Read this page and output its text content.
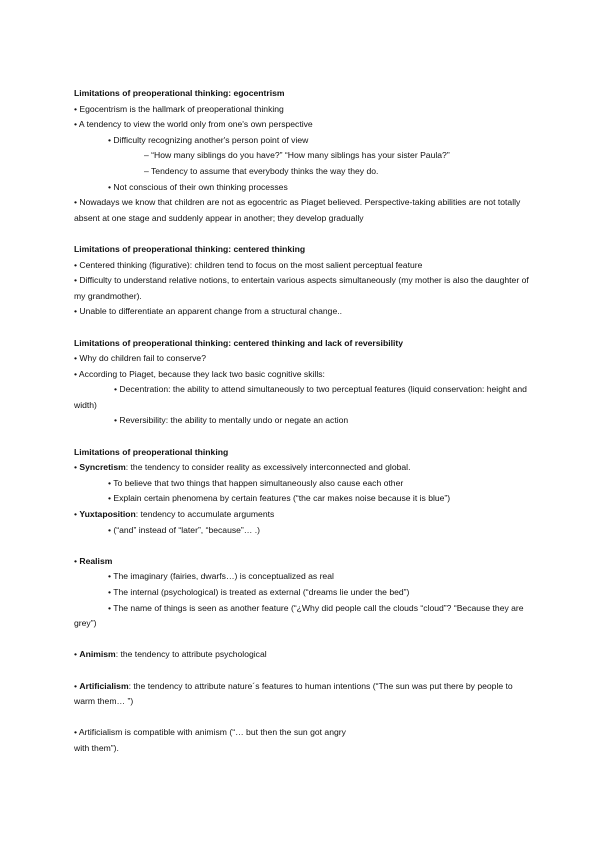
Limitations of preoperational thinking: egocentrism
• Egocentrism is the hallmark of preoperational thinking
• A tendency to view the world only from one's own perspective
• Difficulty recognizing another's person point of view
– “How many siblings do you have?” “How many siblings has your sister Paula?”
– Tendency to assume that everybody thinks the way they do.
• Not conscious of their own thinking processes
• Nowadays we know that children are not as egocentric as Piaget believed. Perspective-taking abilities are not totally absent at one stage and suddenly appear in another; they develop gradually
Limitations of preoperational thinking: centered thinking
• Centered thinking (figurative): children tend to focus on the most salient perceptual feature
• Difficulty to understand relative notions, to entertain various aspects simultaneously (my mother is also the daughter of my grandmother).
• Unable to differentiate an apparent change from a structural change..
Limitations of preoperational thinking: centered thinking and lack of reversibility
• Why do children fail to conserve?
• According to Piaget, because they lack two basic cognitive skills:
• Decentration: the ability to attend simultaneously to two perceptual features (liquid conservation: height and width)
• Reversibility: the ability to mentally undo or negate an action
Limitations of preoperational thinking
• Syncretism: the tendency to consider reality as excessively interconnected and global.
• To believe that two things that happen simultaneously also cause each other
• Explain certain phenomena by certain features (“the car makes noise because it is blue”)
• Yuxtaposition: tendency to accumulate arguments
• (“and” instead of “later”, “because”… .)
• Realism
• The imaginary (fairies, dwarfs…) is conceptualized as real
• The internal (psychological) is treated as external (“dreams lie under the bed”)
• The name of things is seen as another feature (“¿Why did people call the clouds “cloud”? “Because they are grey”)
• Animism: the tendency to attribute psychological
• Artificialism: the tendency to attribute nature´s features to human intentions (“The sun was put there by people to warm them… ”)
• Artificialism is compatible with animism (“… but then the sun got angry
with them”).
